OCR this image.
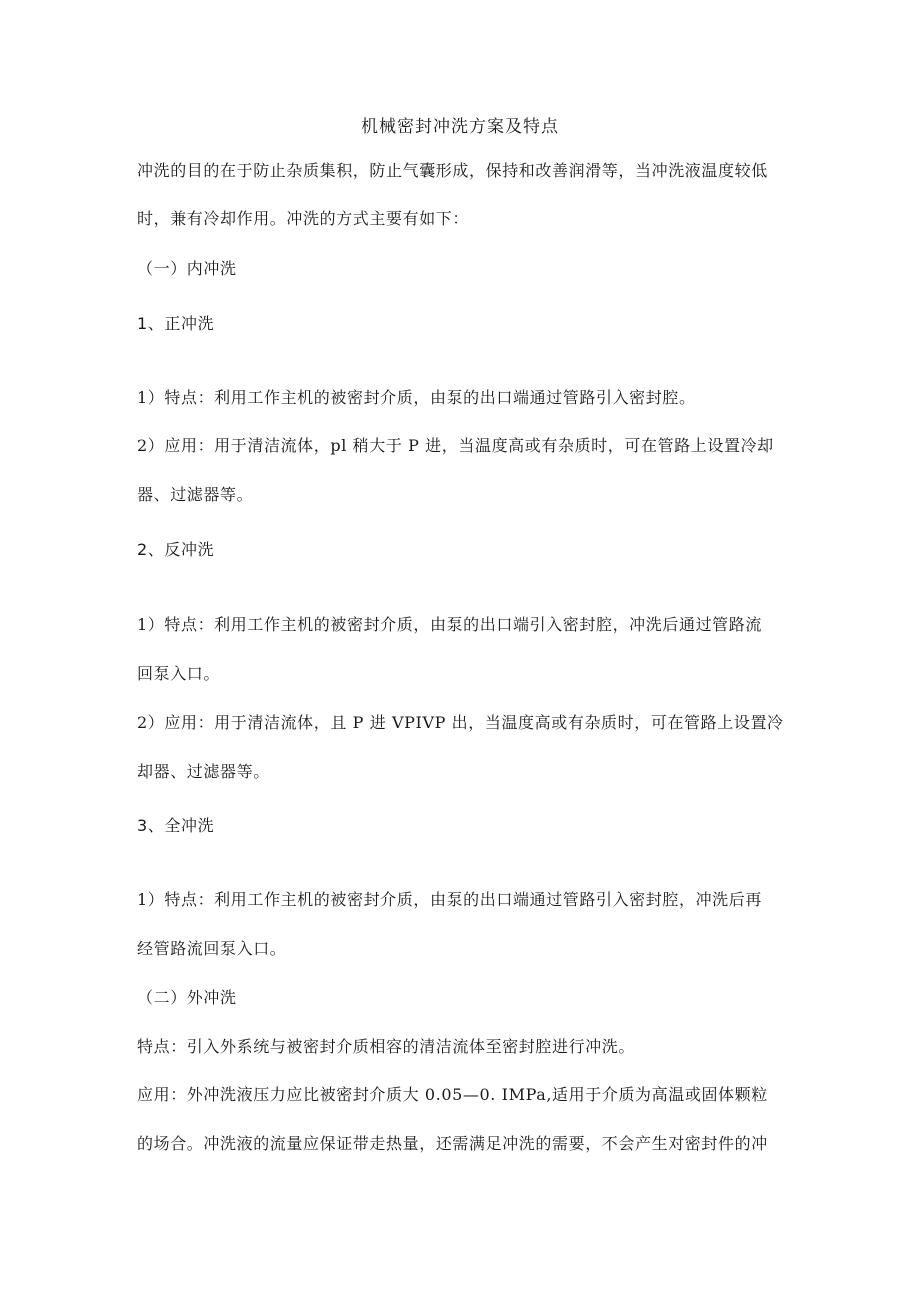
机械密封冲洗方案及特点
冲洗的目的在于防止杂质集积，防止气囊形成，保持和改善润滑等，当冲洗液温度较低
时，兼有冷却作用。冲洗的方式主要有如下：
（一）内冲洗
1、正冲洗
1）特点：利用工作主机的被密封介质，由泵的出口端通过管路引入密封腔。
2）应用：用于清洁流体，pl 稍大于 P 进，当温度高或有杂质时，可在管路上设置冷却
器、过滤器等。
2、反冲洗
1）特点：利用工作主机的被密封介质，由泵的出口端引入密封腔，冲洗后通过管路流
回泵入口。
2）应用：用于清洁流体，且 P 进 VPIVP 出，当温度高或有杂质时，可在管路上设置冷
却器、过滤器等。
3、全冲洗
1）特点：利用工作主机的被密封介质，由泵的出口端通过管路引入密封腔，冲洗后再
经管路流回泵入口。
（二）外冲洗
特点：引入外系统与被密封介质相容的清洁流体至密封腔进行冲洗。
应用：外冲洗液压力应比被密封介质大 0.05—0. IMPa,适用于介质为高温或固体颗粒
的场合。冲洗液的流量应保证带走热量，还需满足冲洗的需要，不会产生对密封件的冲
